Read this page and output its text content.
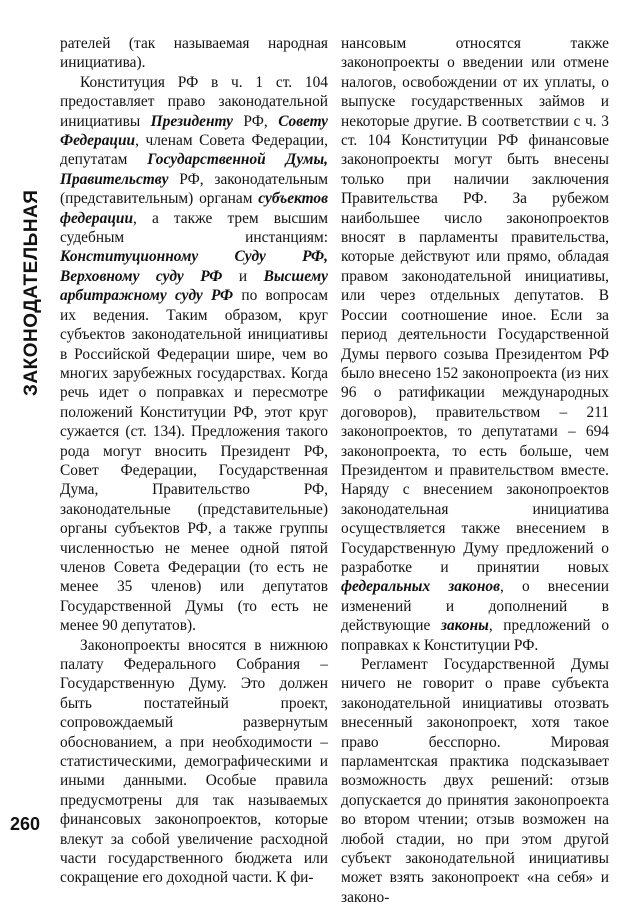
ЗАКОНОДАТЕЛЬНАЯ

рателей (так называемая народная инициатива).

Конституция РФ в ч. 1 ст. 104 предоставляет право законодательной инициативы Президенту РФ, Совету Федерации, членам Совета Федерации, депутатам Государственной Думы, Правительству РФ, законодательным (представительным) органам субъектов федерации, а также трем высшим судебным инстанциям: Конституционному Суду РФ, Верховному суду РФ и Высшему арбитражному суду РФ по вопросам их ведения. Таким образом, круг субъектов законодательной инициативы в Российской Федерации шире, чем во многих зарубежных государствах. Когда речь идет о поправках и пересмотре положений Конституции РФ, этот круг сужается (ст. 134). Предложения такого рода могут вносить Президент РФ, Совет Федерации, Государственная Дума, Правительство РФ, законодательные (представительные) органы субъектов РФ, а также группы численностью не менее одной пятой членов Совета Федерации (то есть не менее 35 членов) или депутатов Государственной Думы (то есть не менее 90 депутатов).

Законопроекты вносятся в нижнюю палату Федерального Собрания – Государственную Думу. Это должен быть постатейный проект, сопровождаемый развернутым обоснованием, а при необходимости – статистическими, демографическими и иными данными. Особые правила предусмотрены для так называемых финансовых законопроектов, которые влекут за собой увеличение расходной части государственного бюджета или сокращение его доходной части. К фи-

нансовым относятся также законопроекты о введении или отмене налогов, освобождении от их уплаты, о выпуске государственных займов и некоторые другие. В соответствии с ч. 3 ст. 104 Конституции РФ финансовые законопроекты могут быть внесены только при наличии заключения Правительства РФ. За рубежом наибольшее число законопроектов вносят в парламенты правительства, которые действуют или прямо, обладая правом законодательной инициативы, или через отдельных депутатов. В России соотношение иное. Если за период деятельности Государственной Думы первого созыва Президентом РФ было внесено 152 законопроекта (из них 96 о ратификации международных договоров), правительством – 211 законопроектов, то депутатами – 694 законопроекта, то есть больше, чем Президентом и правительством вместе. Наряду с внесением законопроектов законодательная инициатива осуществляется также внесением в Государственную Думу предложений о разработке и принятии новых федеральных законов, о внесении изменений и дополнений в действующие законы, предложений о поправках к Конституции РФ.

Регламент Государственной Думы ничего не говорит о праве субъекта законодательной инициативы отозвать внесенный законопроект, хотя такое право бесспорно. Мировая парламентская практика подсказывает возможность двух решений: отзыв допускается до принятия законопроекта во втором чтении; отзыв возможен на любой стадии, но при этом другой субъект законодательной инициативы может взять законопроект «на себя» и законо-

260
